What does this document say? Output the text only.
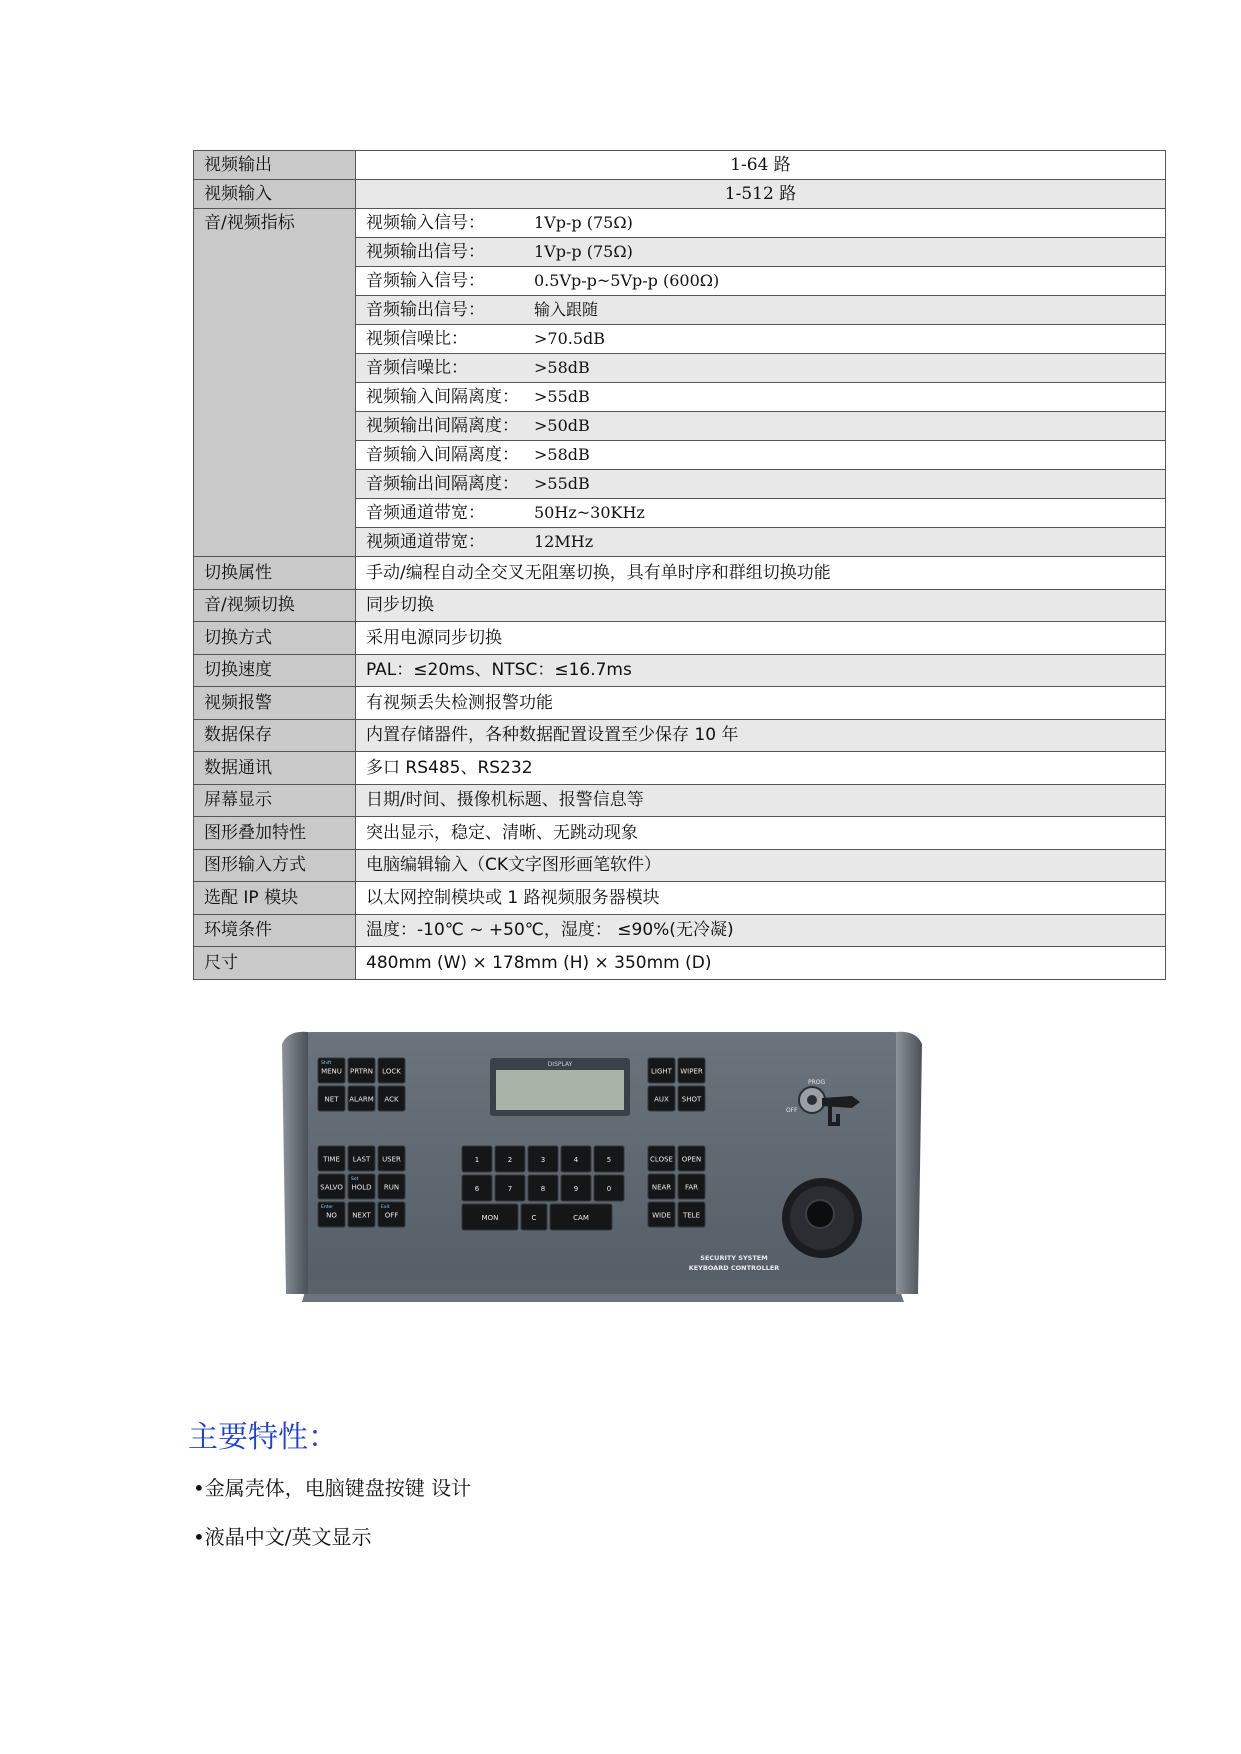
视频输出	1-64 路
视频输入	1-512 路
音/视频指标	视频输入信号： 1Vp-p (75Ω)
	视频输出信号： 1Vp-p (75Ω)
	音频输入信号： 0.5Vp-p~5Vp-p (600Ω)
	音频输出信号： 输入跟随
	视频信噪比： >70.5dB
	音频信噪比： >58dB
	视频输入间隔离度： >55dB
	视频输出间隔离度： >50dB
	音频输入间隔离度： >58dB
	音频输出间隔离度： >55dB
	音频通道带宽： 50Hz~30KHz
	视频通道带宽： 12MHz
切换属性	手动/编程自动全交叉无阻塞切换，具有单时序和群组切换功能
音/视频切换	同步切换
切换方式	采用电源同步切换
切换速度	PAL：≤20ms、NTSC：≤16.7ms
视频报警	有视频丢失检测报警功能
数据保存	内置存储器件，各种数据配置设置至少保存 10 年
数据通讯	多口 RS485、RS232
屏幕显示	日期/时间、摄像机标题、报警信息等
图形叠加特性	突出显示，稳定、清晰、无跳动现象
图形输入方式	电脑编辑输入（CK文字图形画笔软件）
选配 IP 模块	以太网控制模块或 1 路视频服务器模块
环境条件	温度：-10℃ ~ +50℃，湿度： ≤90%(无冷凝)
尺寸	480mm (W) × 178mm (H) × 350mm (D)
DISPLAY
PROG
OFF
SECURITY SYSTEM
KEYBOARD CONTROLLER
MENU
Shift
PRTRN LOCK
NET ALARM ACK
TIME LAST USER
SALVO HOLD
Set
RUN
NO
Enter
NEXT OFF
Exit
1	2	3	4	5
6	7	8	9	0
MON	C	CAM
LIGHT WIPER
AUX SHOT
CLOSE OPEN
NEAR FAR
WIDE TELE
主要特性：

•金属壳体，电脑键盘按键 设计

•液晶中文/英文显示
